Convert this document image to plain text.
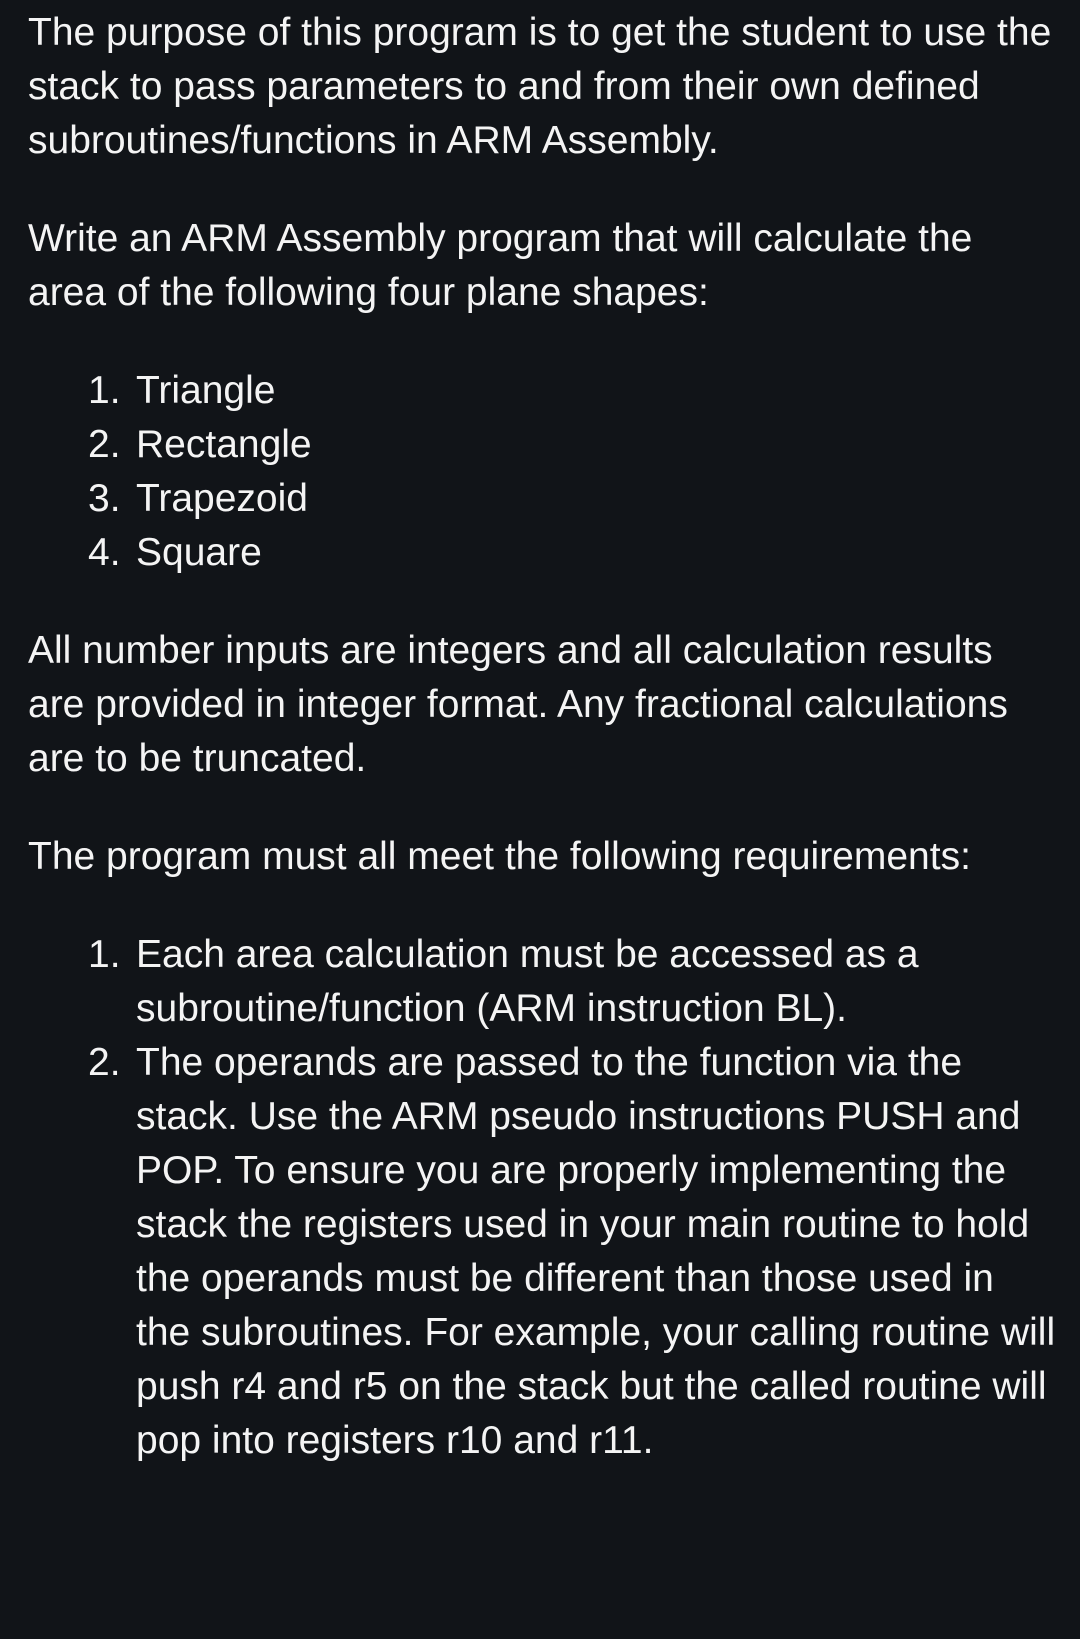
The purpose of this program is to get the student to use the stack to pass parameters to and from their own defined subroutines/functions in ARM Assembly.

Write an ARM Assembly program that will calculate the area of the following four plane shapes:

1. Triangle
2. Rectangle
3. Trapezoid
4. Square

All number inputs are integers and all calculation results are provided in integer format. Any fractional calculations are to be truncated.

The program must all meet the following requirements:

1. Each area calculation must be accessed as a subroutine/function (ARM instruction BL).
2. The operands are passed to the function via the stack. Use the ARM pseudo instructions PUSH and POP. To ensure you are properly implementing the stack the registers used in your main routine to hold the operands must be different than those used in the subroutines. For example, your calling routine will push r4 and r5 on the stack but the called routine will pop into registers r10 and r11.
